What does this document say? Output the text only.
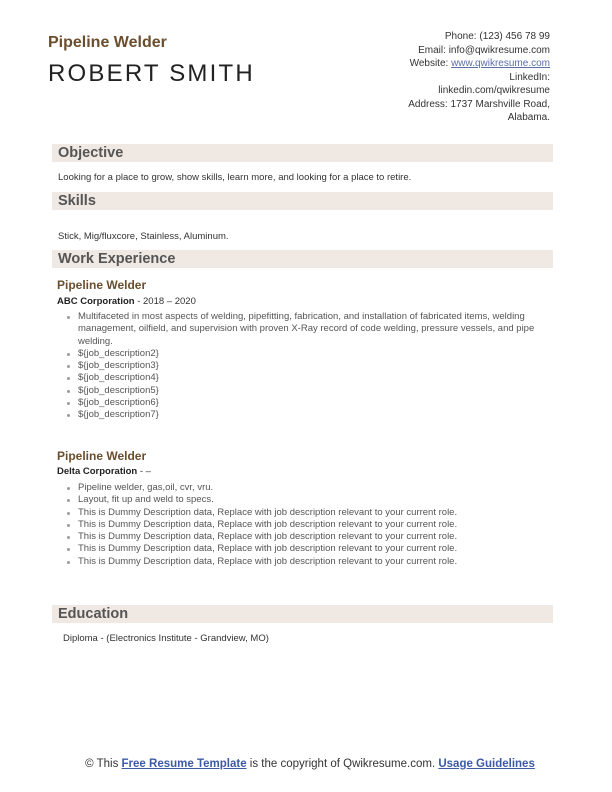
Pipeline Welder
ROBERT SMITH
Phone: (123) 456 78 99
Email: info@qwikresume.com
Website: www.qwikresume.com
LinkedIn:
linkedin.com/qwikresume
Address: 1737 Marshville Road, Alabama.
Objective
Looking for a place to grow, show skills, learn more, and looking for a place to retire.
Skills
Stick, Mig/fluxcore, Stainless, Aluminum.
Work Experience
Pipeline Welder
ABC Corporation - 2018 – 2020
Multifaceted in most aspects of welding, pipefitting, fabrication, and installation of fabricated items, welding management, oilfield, and supervision with proven X-Ray record of code welding, pressure vessels, and pipe welding.
${job_description2}
${job_description3}
${job_description4}
${job_description5}
${job_description6}
${job_description7}
Pipeline Welder
Delta Corporation - –
Pipeline welder, gas,oil, cvr, vru.
Layout, fit up and weld to specs.
This is Dummy Description data, Replace with job description relevant to your current role.
This is Dummy Description data, Replace with job description relevant to your current role.
This is Dummy Description data, Replace with job description relevant to your current role.
This is Dummy Description data, Replace with job description relevant to your current role.
This is Dummy Description data, Replace with job description relevant to your current role.
Education
Diploma - (Electronics Institute - Grandview, MO)
© This Free Resume Template is the copyright of Qwikresume.com. Usage Guidelines
